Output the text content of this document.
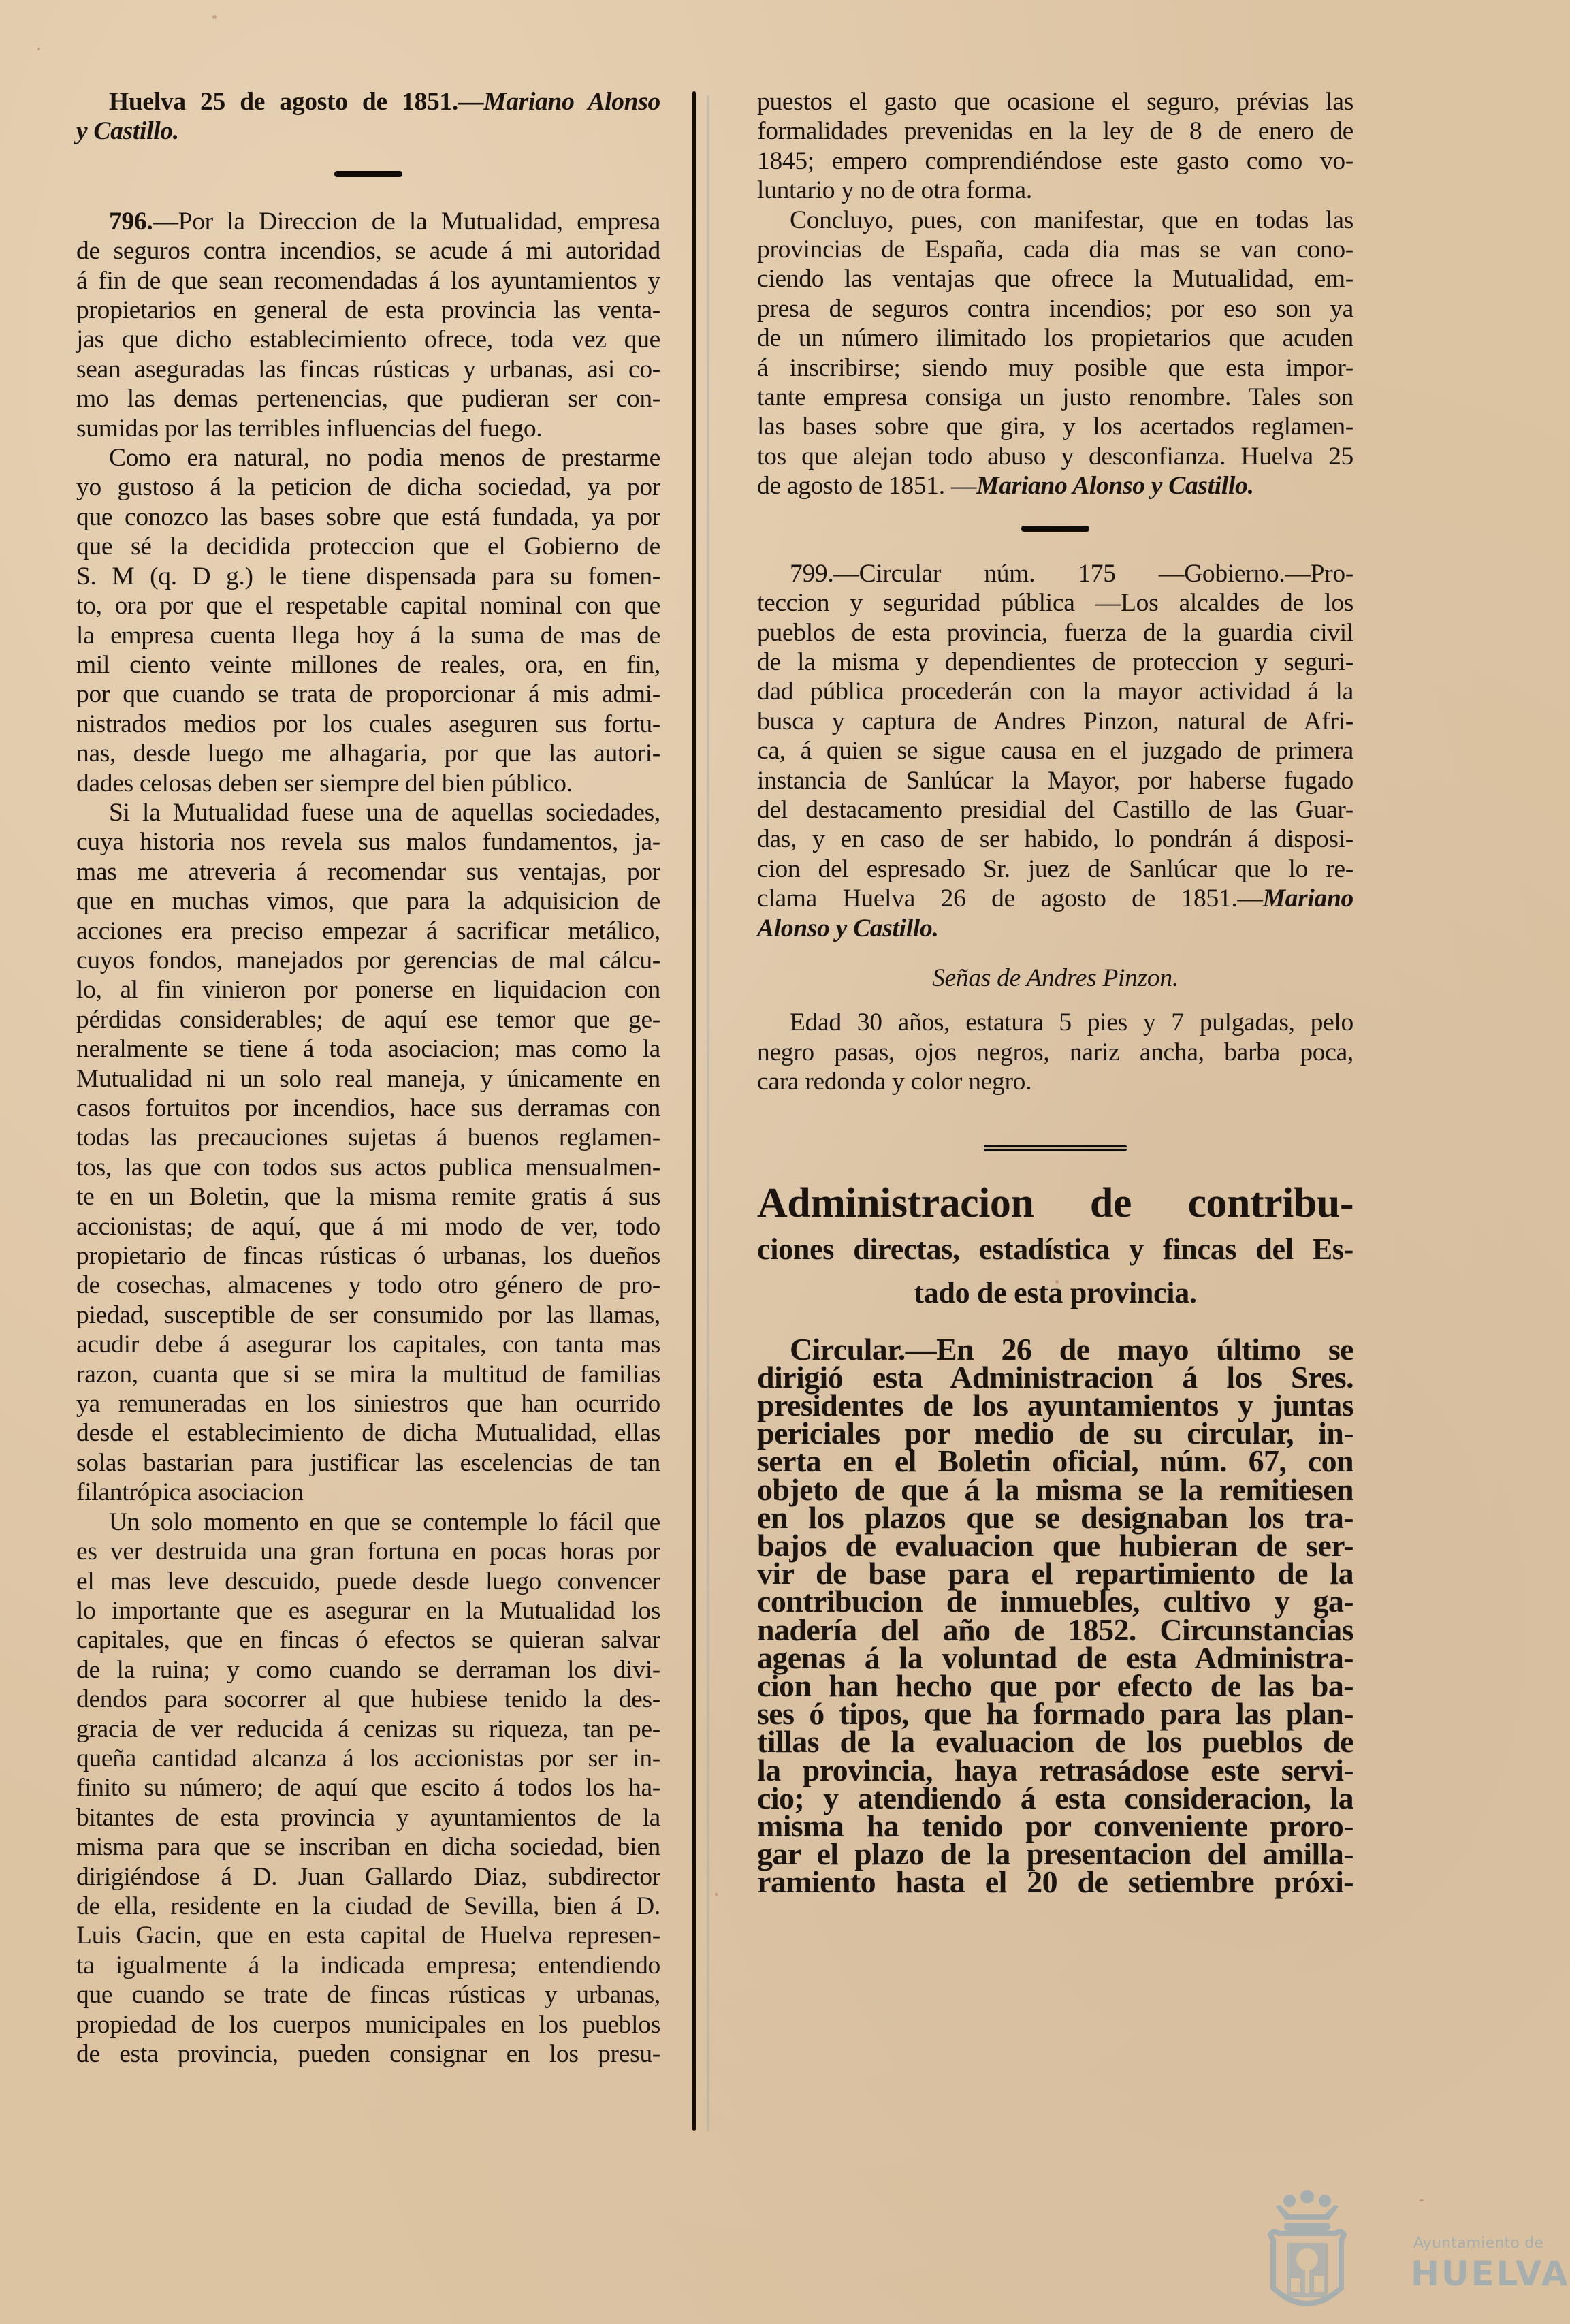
Huelva 25 de agosto de 1851.—Mariano Alonso
y Castillo.
796.—Por la Direccion de la Mutualidad, empresa
de seguros contra incendios, se acude á mi autoridad
á fin de que sean recomendadas á los ayuntamientos y
propietarios en general de esta provincia las venta-
jas que dicho establecimiento ofrece, toda vez que
sean aseguradas las fincas rústicas y urbanas, asi co-
mo las demas pertenencias, que pudieran ser con-
sumidas por las terribles influencias del fuego.
Como era natural, no podia menos de prestarme
yo gustoso á la peticion de dicha sociedad, ya por
que conozco las bases sobre que está fundada, ya por
que sé la decidida proteccion que el Gobierno de
S. M (q. D g.) le tiene dispensada para su fomen-
to, ora por que el respetable capital nominal con que
la empresa cuenta llega hoy á la suma de mas de
mil ciento veinte millones de reales, ora, en fin,
por que cuando se trata de proporcionar á mis admi-
nistrados medios por los cuales aseguren sus fortu-
nas, desde luego me alhagaria, por que las autori-
dades celosas deben ser siempre del bien público.
Si la Mutualidad fuese una de aquellas sociedades,
cuya historia nos revela sus malos fundamentos, ja-
mas me atreveria á recomendar sus ventajas, por
que en muchas vimos, que para la adquisicion de
acciones era preciso empezar á sacrificar metálico,
cuyos fondos, manejados por gerencias de mal cálcu-
lo, al fin vinieron por ponerse en liquidacion con
pérdidas considerables; de aquí ese temor que ge-
neralmente se tiene á toda asociacion; mas como la
Mutualidad ni un solo real maneja, y únicamente en
casos fortuitos por incendios, hace sus derramas con
todas las precauciones sujetas á buenos reglamen-
tos, las que con todos sus actos publica mensualmen-
te en un Boletin, que la misma remite gratis á sus
accionistas; de aquí, que á mi modo de ver, todo
propietario de fincas rústicas ó urbanas, los dueños
de cosechas, almacenes y todo otro género de pro-
piedad, susceptible de ser consumido por las llamas,
acudir debe á asegurar los capitales, con tanta mas
razon, cuanta que si se mira la multitud de familias
ya remuneradas en los siniestros que han ocurrido
desde el establecimiento de dicha Mutualidad, ellas
solas bastarian para justificar las escelencias de tan
filantrópica asociacion
Un solo momento en que se contemple lo fácil que
es ver destruida una gran fortuna en pocas horas por
el mas leve descuido, puede desde luego convencer
lo importante que es asegurar en la Mutualidad los
capitales, que en fincas ó efectos se quieran salvar
de la ruina; y como cuando se derraman los divi-
dendos para socorrer al que hubiese tenido la des-
gracia de ver reducida á cenizas su riqueza, tan pe-
queña cantidad alcanza á los accionistas por ser in-
finito su número; de aquí que escito á todos los ha-
bitantes de esta provincia y ayuntamientos de la
misma para que se inscriban en dicha sociedad, bien
dirigiéndose á D. Juan Gallardo Diaz, subdirector
de ella, residente en la ciudad de Sevilla, bien á D.
Luis Gacin, que en esta capital de Huelva represen-
ta igualmente á la indicada empresa; entendiendo
que cuando se trate de fincas rústicas y urbanas,
propiedad de los cuerpos municipales en los pueblos
de esta provincia, pueden consignar en los presu-
puestos el gasto que ocasione el seguro, prévias las
formalidades prevenidas en la ley de 8 de enero de
1845; empero comprendiéndose este gasto como vo-
luntario y no de otra forma.
Concluyo, pues, con manifestar, que en todas las
provincias de España, cada dia mas se van cono-
ciendo las ventajas que ofrece la Mutualidad, em-
presa de seguros contra incendios; por eso son ya
de un número ilimitado los propietarios que acuden
á inscribirse; siendo muy posible que esta impor-
tante empresa consiga un justo renombre. Tales son
las bases sobre que gira, y los acertados reglamen-
tos que alejan todo abuso y desconfianza. Huelva 25
de agosto de 1851. —Mariano Alonso y Castillo.
799.—Circular núm. 175 —Gobierno.—Pro-
teccion y seguridad pública —Los alcaldes de los
pueblos de esta provincia, fuerza de la guardia civil
de la misma y dependientes de proteccion y seguri-
dad pública procederán con la mayor actividad á la
busca y captura de Andres Pinzon, natural de Afri-
ca, á quien se sigue causa en el juzgado de primera
instancia de Sanlúcar la Mayor, por haberse fugado
del destacamento presidial del Castillo de las Guar-
das, y en caso de ser habido, lo pondrán á disposi-
cion del espresado Sr. juez de Sanlúcar que lo re-
clama Huelva 26 de agosto de 1851.—Mariano
Alonso y Castillo.
Señas de Andres Pinzon.
Edad 30 años, estatura 5 pies y 7 pulgadas, pelo
negro pasas, ojos negros, nariz ancha, barba poca,
cara redonda y color negro.
Administracion de contribu-
ciones directas, estadística y fincas del Es-
tado de esta provincia.
Circular.—En 26 de mayo último se
dirigió esta Administracion á los Sres.
presidentes de los ayuntamientos y juntas
periciales por medio de su circular, in-
serta en el Boletin oficial, núm. 67, con
objeto de que á la misma se la remitiesen
en los plazos que se designaban los tra-
bajos de evaluacion que hubieran de ser-
vir de base para el repartimiento de la
contribucion de inmuebles, cultivo y ga-
nadería del año de 1852. Circunstancias
agenas á la voluntad de esta Administra-
cion han hecho que por efecto de las ba-
ses ó tipos, que ha formado para las plan-
tillas de la evaluacion de los pueblos de
la provincia, haya retrasádose este servi-
cio; y atendiendo á esta consideracion, la
misma ha tenido por conveniente proro-
gar el plazo de la presentacion del amilla-
ramiento hasta el 20 de setiembre próxi-
Ayuntamiento de
HUELVA
